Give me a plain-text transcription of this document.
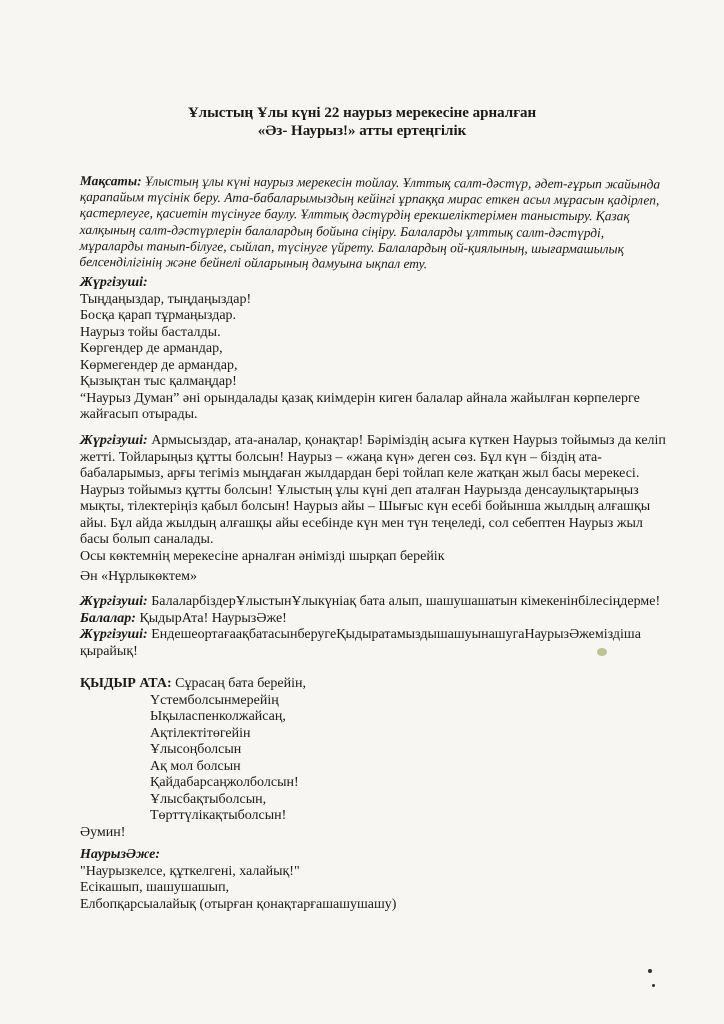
Ұлыстың Ұлы күні 22 наурыз мерекесіне арналған
«Әз- Наурыз!» атты ертеңгілік
Мақсаты: Ұлыстың ұлы күні наурыз мерекесін тойлау. Ұлттық салт-дәстүр, әдет-ғұрып жайында қарапайым түсінік беру. Ата-бабаларымыздың кейінгі ұрпаққа мирас еткен асыл мұрасын қадірлеп, қастерлеуге, қасиетін түсінуге баулу. Ұлттық дәстүрдің ерекшеліктерімен таныстыру. Қазақ халқының салт-дәстүрлерін балалардың бойына сіңіру. Балаларды ұлттық салт-дәстүрді, мұраларды танып-білуге, сыйлап, түсінуге үйрету. Балалардың ой-қиялының, шығармашылық белсенділігінің және бейнелі ойларының дамуына ықпал ету.
Жүргізуші:
Тыңдаңыздар, тыңдаңыздар!
Босқа қарап тұрмаңыздар.
Наурыз тойы басталды.
Көргендер де армандар,
Көрмегендер де армандар,
Қызықтан тыс қалмаңдар!
“Наурыз Думан” әні орындалады қазақ киімдерін киген балалар айнала жайылған көрпелерге жайғасып отырады.
Жүргізуші: Армысыздар, ата-аналар, қонақтар! Бәріміздің асыға күткен Наурыз тойымыз да келіп жетті. Тойларыңыз құтты болсын! Наурыз – «жаңа күн» деген сөз. Бұл күн – біздің ата-бабаларымыз, арғы тегіміз мыңдаған жылдардан бері тойлап келе жатқан жыл басы мерекесі. Наурыз тойымыз құтты болсын! Ұлыстың ұлы күні деп аталған Наурызда денсаулықтарыңыз мықты, тілектеріңіз қабыл болсын! Наурыз айы – Шығыс күн есебі бойынша жылдың алғашқы айы. Бұл айда жылдың алғашқы айы есебінде күн мен түн теңеледі, сол себептен Наурыз жыл басы болып саналады.
Осы көктемнің мерекесіне арналған әнімізді шырқап берейік
Ән «Нұрлыкөктем»
Жүргізуші: БалаларбіздерҰлыстынҰлыкүніақ бата алып, шашушашатын кімекенінбілесіңдерме!
Балалар: ҚыдырАта! НаурызӘже!
Жүргізуші: ЕндешеортағаақбатасынберугеҚыдыратамыздышашуынашугаНаурызӘжеміздіша қырайық!
ҚЫДЫР АТА: Сұрасаң бата берейін,
Үстемболсынмерейің
Ықыласпенколжайсаң,
Ақтілектітөгейін
Ұлысоңболсын
Ақ мол болсын
Қайдабарсаңжолболсын!
Ұлысбақтыболсын,
Төрттүлікақтыболсын!
Әумин!
НаурызӘже:
"Наурызкелсе, құткелгені, халайық!"
Есікашып, шашушашып,
Елбопқарсыалайық (отырған қонақтарғашашушашу)
